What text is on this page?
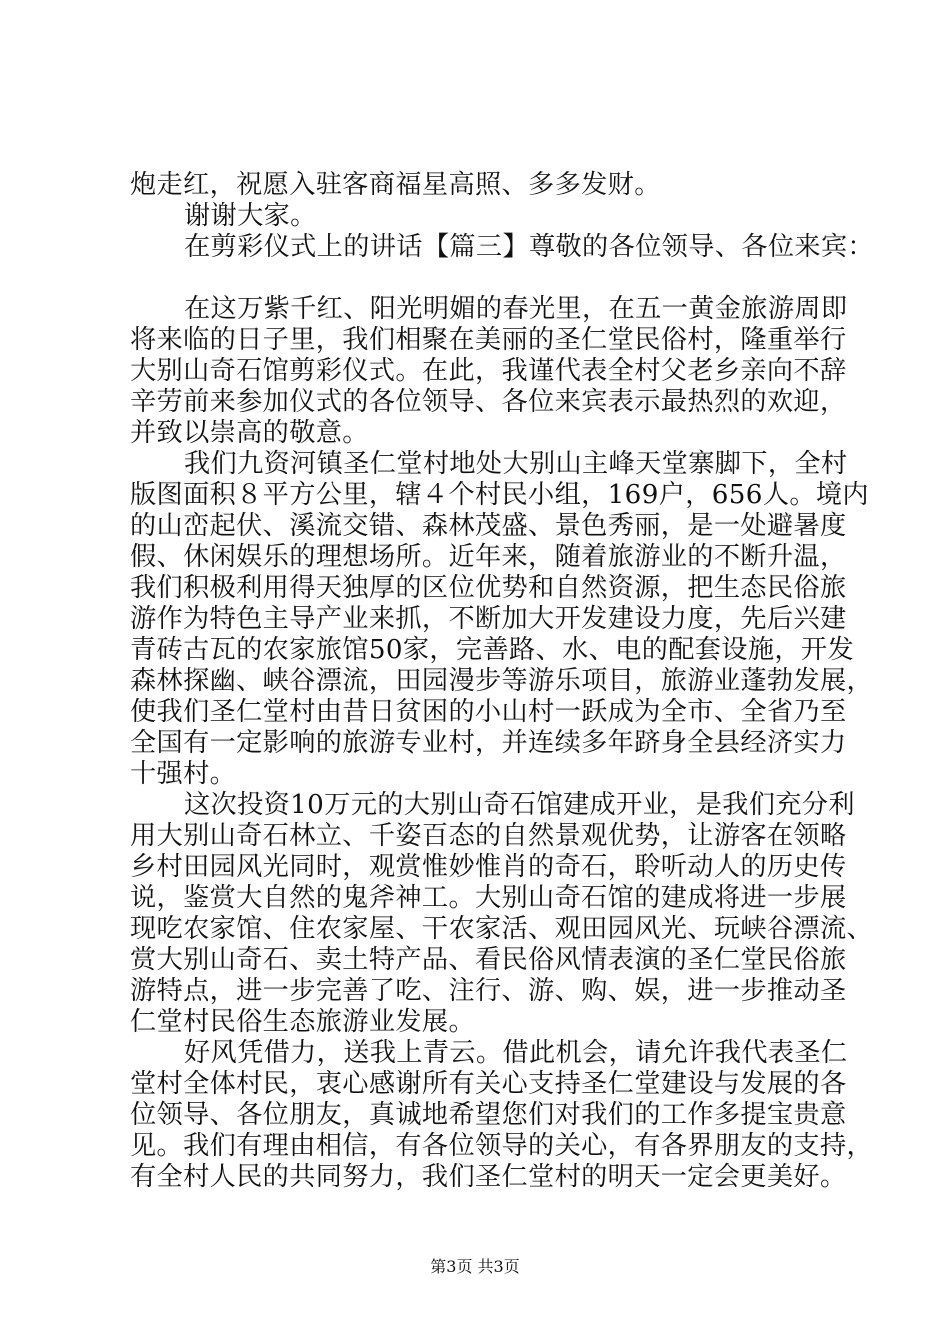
炮走红，祝愿入驻客商福星高照、多多发财。
谢谢大家。
在剪彩仪式上的讲话【篇三】尊敬的各位领导、各位来宾：
在这万紫千红、阳光明媚的春光里，在五一黄金旅游周即
将来临的日子里，我们相聚在美丽的圣仁堂民俗村，隆重举行
大别山奇石馆剪彩仪式。在此，我谨代表全村父老乡亲向不辞
辛劳前来参加仪式的各位领导、各位来宾表示最热烈的欢迎，
并致以崇高的敬意。
我们九资河镇圣仁堂村地处大别山主峰天堂寨脚下，全村
版图面积８平方公里，辖４个村民小组，169户，656人。境内
的山峦起伏、溪流交错、森林茂盛、景色秀丽，是一处避暑度
假、休闲娱乐的理想场所。近年来，随着旅游业的不断升温，
我们积极利用得天独厚的区位优势和自然资源，把生态民俗旅
游作为特色主导产业来抓，不断加大开发建设力度，先后兴建
青砖古瓦的农家旅馆50家，完善路、水、电的配套设施，开发
森林探幽、峡谷漂流，田园漫步等游乐项目，旅游业蓬勃发展，
使我们圣仁堂村由昔日贫困的小山村一跃成为全市、全省乃至
全国有一定影响的旅游专业村，并连续多年跻身全县经济实力
十强村。
这次投资10万元的大别山奇石馆建成开业，是我们充分利
用大别山奇石林立、千姿百态的自然景观优势，让游客在领略
乡村田园风光同时，观赏惟妙惟肖的奇石，聆听动人的历史传
说，鉴赏大自然的鬼斧神工。大别山奇石馆的建成将进一步展
现吃农家馆、住农家屋、干农家活、观田园风光、玩峡谷漂流、
赏大别山奇石、卖土特产品、看民俗风情表演的圣仁堂民俗旅
游特点，进一步完善了吃、注行、游、购、娱，进一步推动圣
仁堂村民俗生态旅游业发展。
好风凭借力，送我上青云。借此机会，请允许我代表圣仁
堂村全体村民，衷心感谢所有关心支持圣仁堂建设与发展的各
位领导、各位朋友，真诚地希望您们对我们的工作多提宝贵意
见。我们有理由相信，有各位领导的关心，有各界朋友的支持，
有全村人民的共同努力，我们圣仁堂村的明天一定会更美好。
第3页 共3页
